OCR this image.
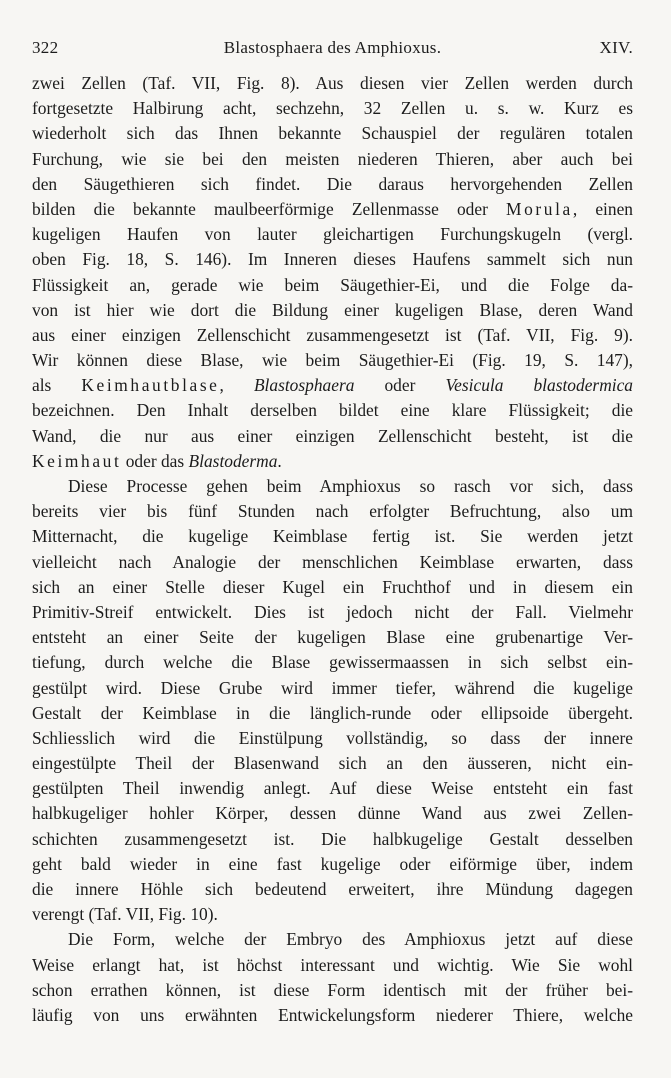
322	Blastosphaera des Amphioxus.	XIV.
zwei Zellen (Taf. VII, Fig. 8). Aus diesen vier Zellen werden durch
fortgesetzte Halbirung acht, sechzehn, 32 Zellen u. s. w. Kurz es
wiederholt sich das Ihnen bekannte Schauspiel der regulären totalen
Furchung, wie sie bei den meisten niederen Thieren, aber auch bei
den Säugethieren sich findet. Die daraus hervorgehenden Zellen
bilden die bekannte maulbeerförmige Zellenmasse oder Morula, einen
kugeligen Haufen von lauter gleichartigen Furchungskugeln (vergl.
oben Fig. 18, S. 146). Im Inneren dieses Haufens sammelt sich nun
Flüssigkeit an, gerade wie beim Säugethier-Ei, und die Folge da-
von ist hier wie dort die Bildung einer kugeligen Blase, deren Wand
aus einer einzigen Zellenschicht zusammengesetzt ist (Taf. VII, Fig. 9).
Wir können diese Blase, wie beim Säugethier-Ei (Fig. 19, S. 147),
als Keimhautblase, Blastosphaera oder Vesicula blastodermica
bezeichnen. Den Inhalt derselben bildet eine klare Flüssigkeit; die
Wand, die nur aus einer einzigen Zellenschicht besteht, ist die
Keimhaut oder das Blastoderma.
Diese Processe gehen beim Amphioxus so rasch vor sich, dass
bereits vier bis fünf Stunden nach erfolgter Befruchtung, also um
Mitternacht, die kugelige Keimblase fertig ist. Sie werden jetzt
vielleicht nach Analogie der menschlichen Keimblase erwarten, dass
sich an einer Stelle dieser Kugel ein Fruchthof und in diesem ein
Primitiv-Streif entwickelt. Dies ist jedoch nicht der Fall. Vielmehr
entsteht an einer Seite der kugeligen Blase eine grubenartige Ver-
tiefung, durch welche die Blase gewissermaassen in sich selbst ein-
gestülpt wird. Diese Grube wird immer tiefer, während die kugelige
Gestalt der Keimblase in die länglich-runde oder ellipsoide übergeht.
Schliesslich wird die Einstülpung vollständig, so dass der innere
eingestülpte Theil der Blasenwand sich an den äusseren, nicht ein-
gestülpten Theil inwendig anlegt. Auf diese Weise entsteht ein fast
halbkugeliger hohler Körper, dessen dünne Wand aus zwei Zellen-
schichten zusammengesetzt ist. Die halbkugelige Gestalt desselben
geht bald wieder in eine fast kugelige oder eiförmige über, indem
die innere Höhle sich bedeutend erweitert, ihre Mündung dagegen
verengt (Taf. VII, Fig. 10).
Die Form, welche der Embryo des Amphioxus jetzt auf diese
Weise erlangt hat, ist höchst interessant und wichtig. Wie Sie wohl
schon errathen können, ist diese Form identisch mit der früher bei-
läufig von uns erwähnten Entwickelungsform niederer Thiere, welche
